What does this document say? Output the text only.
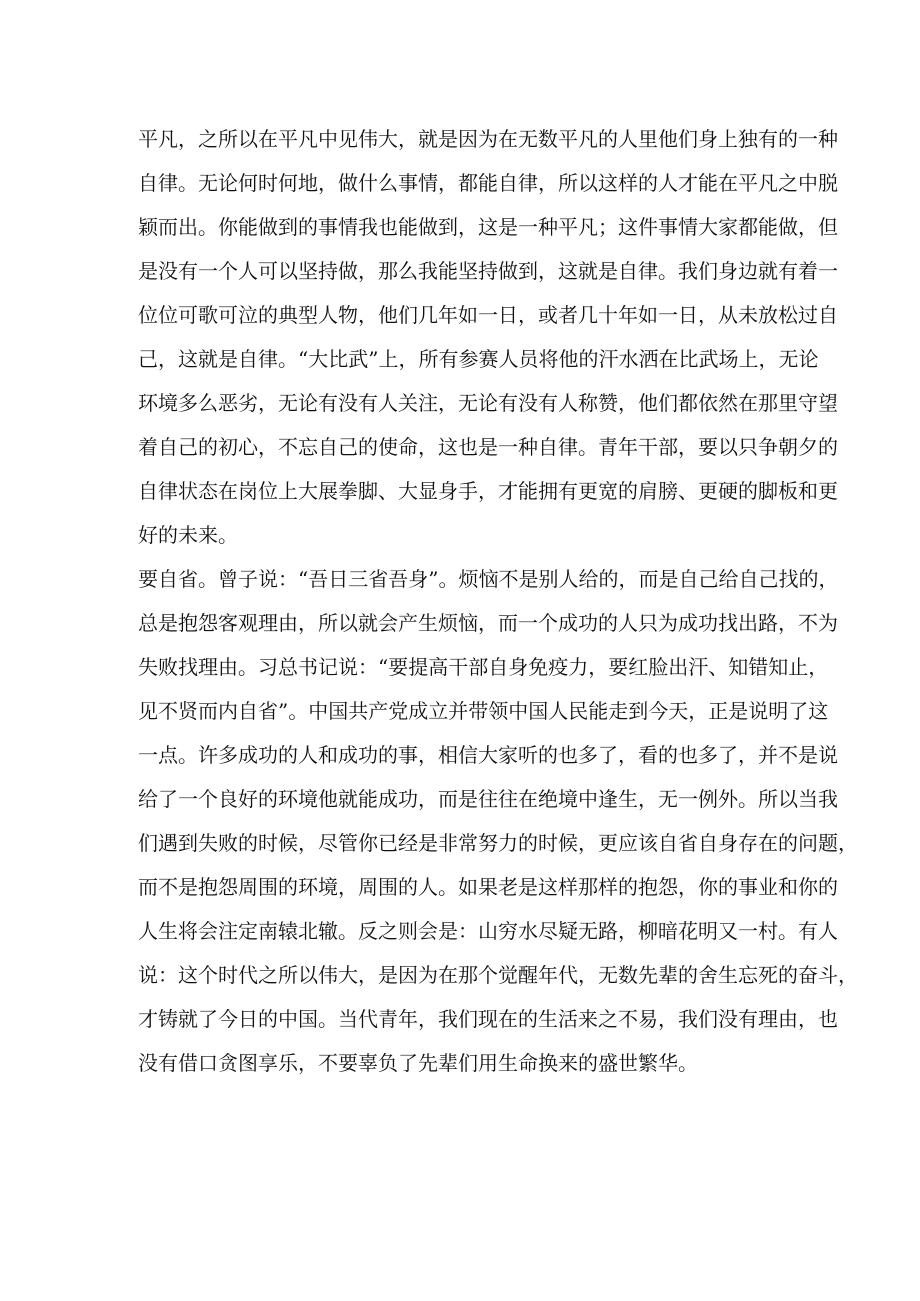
平凡，之所以在平凡中见伟大，就是因为在无数平凡的人里他们身上独有的一种
自律。无论何时何地，做什么事情，都能自律，所以这样的人才能在平凡之中脱
颖而出。你能做到的事情我也能做到，这是一种平凡；这件事情大家都能做，但
是没有一个人可以坚持做，那么我能坚持做到，这就是自律。我们身边就有着一
位位可歌可泣的典型人物，他们几年如一日，或者几十年如一日，从未放松过自
己，这就是自律。“大比武”上，所有参赛人员将他的汗水洒在比武场上，无论
环境多么恶劣，无论有没有人关注，无论有没有人称赞，他们都依然在那里守望
着自己的初心，不忘自己的使命，这也是一种自律。青年干部，要以只争朝夕的
自律状态在岗位上大展拳脚、大显身手，才能拥有更宽的肩膀、更硬的脚板和更
好的未来。
要自省。曾子说：“吾日三省吾身”。烦恼不是别人给的，而是自己给自己找的，
总是抱怨客观理由，所以就会产生烦恼，而一个成功的人只为成功找出路，不为
失败找理由。习总书记说：“要提高干部自身免疫力，要红脸出汗、知错知止，
见不贤而内自省”。中国共产党成立并带领中国人民能走到今天，正是说明了这
一点。许多成功的人和成功的事，相信大家听的也多了，看的也多了，并不是说
给了一个良好的环境他就能成功，而是往往在绝境中逢生，无一例外。所以当我
们遇到失败的时候，尽管你已经是非常努力的时候，更应该自省自身存在的问题，
而不是抱怨周围的环境，周围的人。如果老是这样那样的抱怨，你的事业和你的
人生将会注定南辕北辙。反之则会是：山穷水尽疑无路，柳暗花明又一村。有人
说：这个时代之所以伟大，是因为在那个觉醒年代，无数先辈的舍生忘死的奋斗，
才铸就了今日的中国。当代青年，我们现在的生活来之不易，我们没有理由，也
没有借口贪图享乐，不要辜负了先辈们用生命换来的盛世繁华。
